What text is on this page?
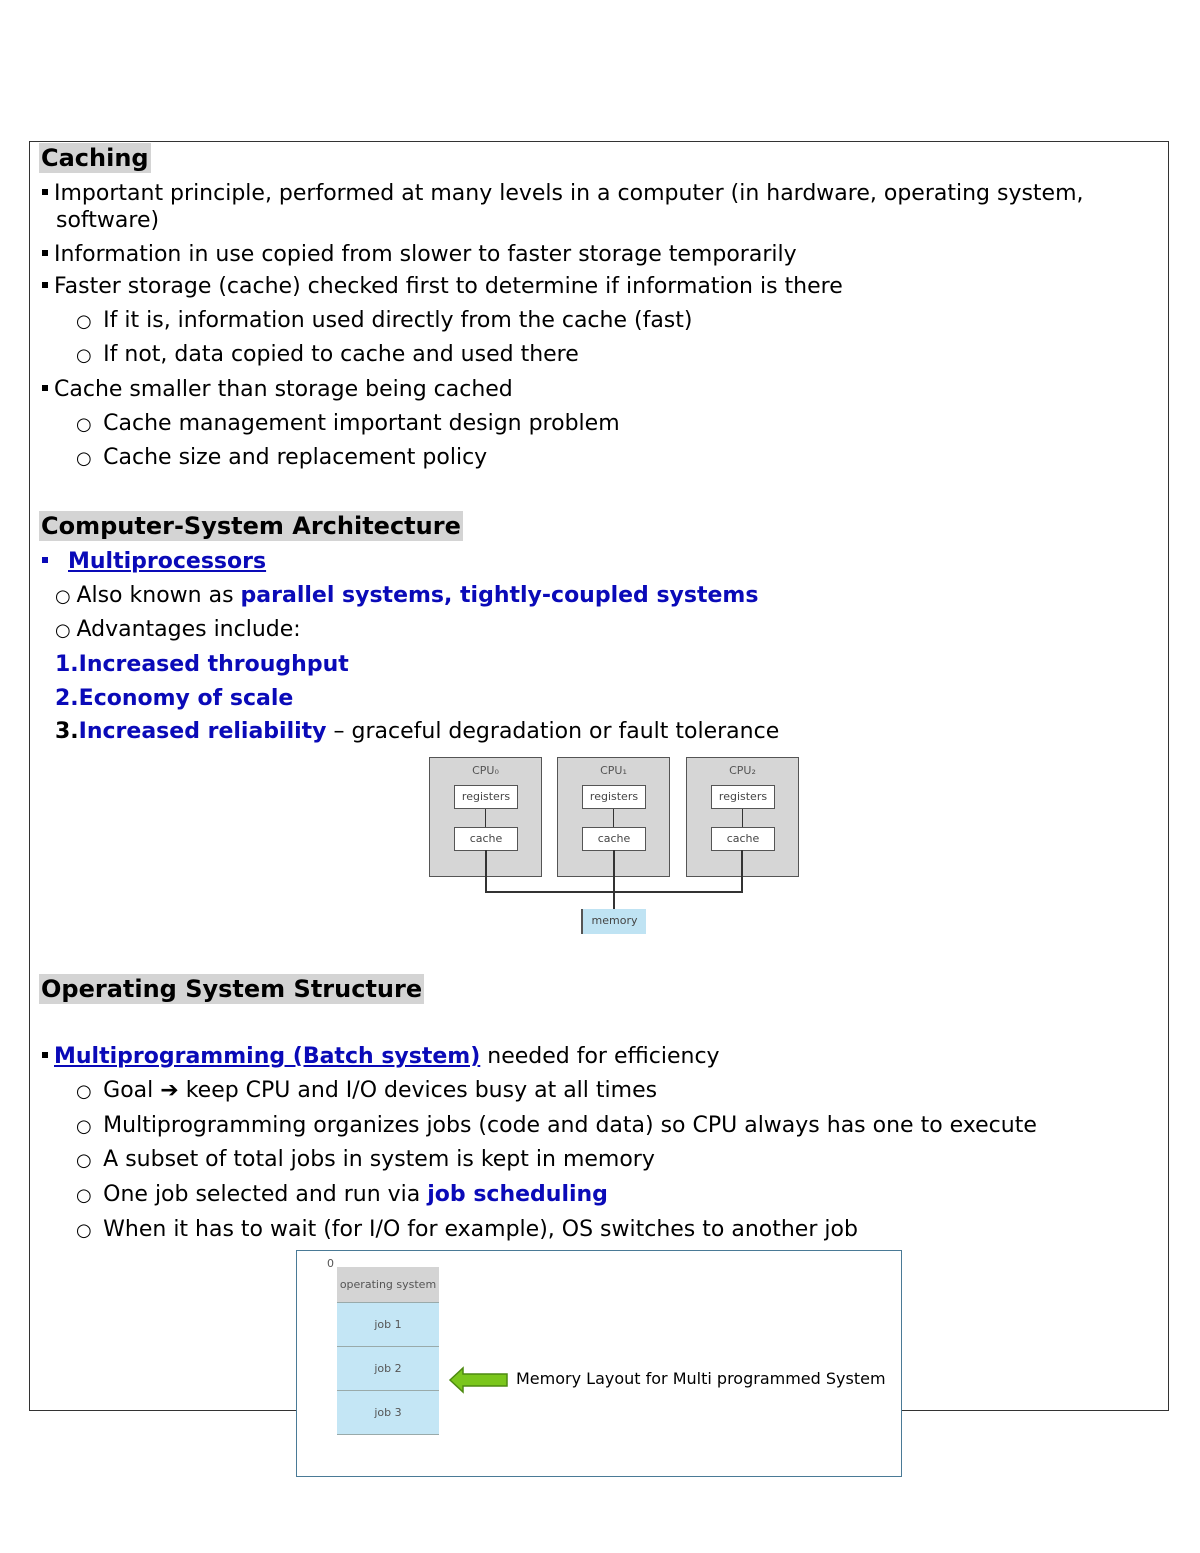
Caching
Important principle, performed at many levels in a computer (in hardware, operating system,
software)
Information in use copied from slower to faster storage temporarily
Faster storage (cache) checked first to determine if information is there
○  If it is, information used directly from the cache (fast)
○  If not, data copied to cache and used there
Cache smaller than storage being cached
○  Cache management important design problem
○  Cache size and replacement policy
Computer-System Architecture
Multiprocessors
○ Also known as parallel systems, tightly-coupled systems
○ Advantages include:
1.Increased throughput
2.Economy of scale
3.Increased reliability – graceful degradation or fault tolerance
CPU₀
registers
cache
CPU₁
registers
cache
CPU₂
registers
cache
memory
Operating System Structure
Multiprogramming (Batch system) needed for efficiency
○  Goal ➔ keep CPU and I/O devices busy at all times
○  Multiprogramming organizes jobs (code and data) so CPU always has one to execute
○  A subset of total jobs in system is kept in memory
○  One job selected and run via job scheduling
○  When it has to wait (for I/O for example), OS switches to another job
0
operating system
job 1
job 2
job 3
Memory Layout for Multi programmed System
